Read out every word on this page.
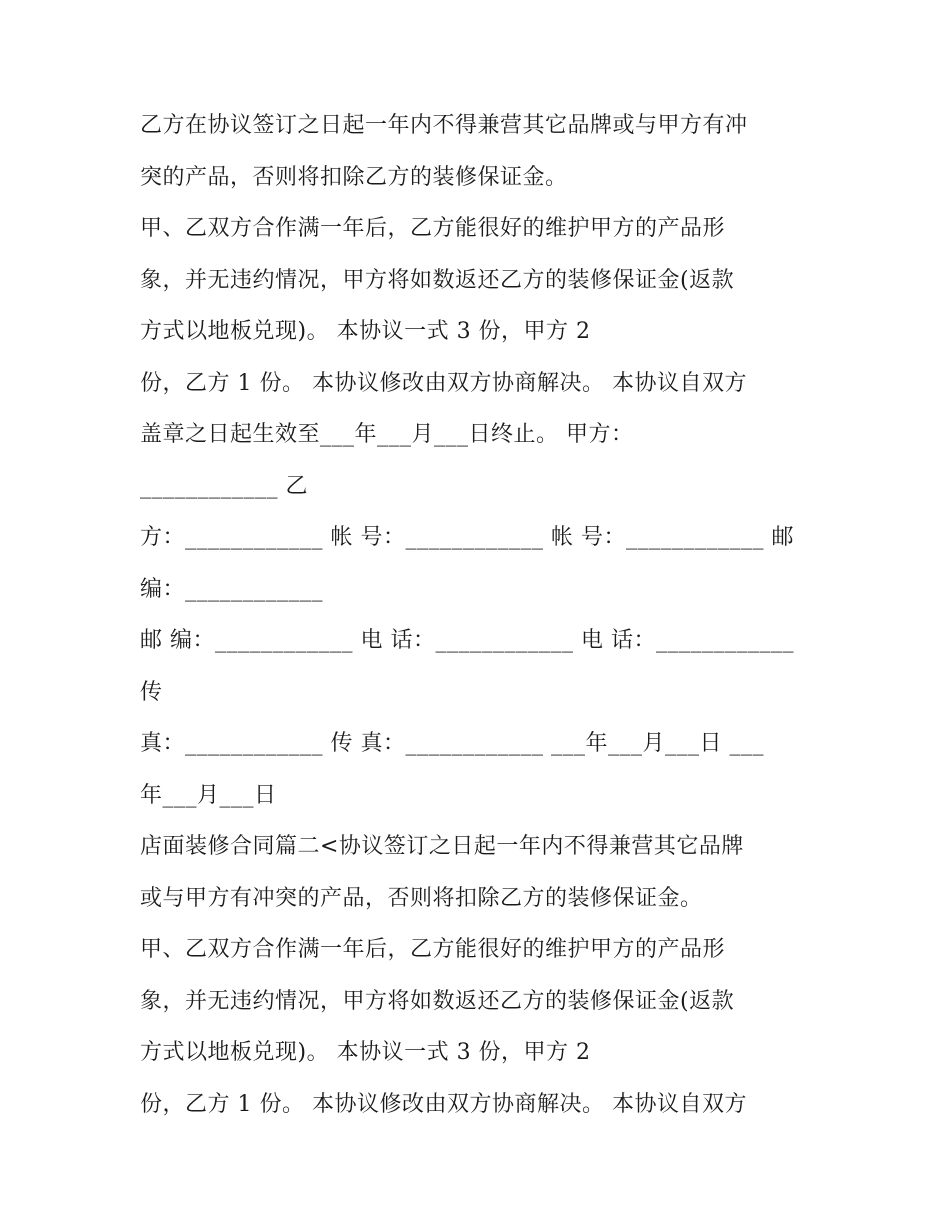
乙方在协议签订之日起一年内不得兼营其它品牌或与甲方有冲
突的产品，否则将扣除乙方的装修保证金。
甲、乙双方合作满一年后，乙方能很好的维护甲方的产品形
象，并无违约情况，甲方将如数返还乙方的装修保证金(返款
方式以地板兑现)。 本协议一式 3 份，甲方 2
份，乙方 1 份。 本协议修改由双方协商解决。 本协议自双方
盖章之日起生效至___年___月___日终止。 甲方：
____________ 乙
方：____________ 帐 号：____________ 帐 号：____________ 邮
编：____________
邮 编：____________ 电 话：____________ 电 话：____________
传
真：____________ 传 真：____________ ___年___月___日 ___
年___月___日
店面装修合同篇二<协议签订之日起一年内不得兼营其它品牌
或与甲方有冲突的产品，否则将扣除乙方的装修保证金。
甲、乙双方合作满一年后，乙方能很好的维护甲方的产品形
象，并无违约情况，甲方将如数返还乙方的装修保证金(返款
方式以地板兑现)。 本协议一式 3 份，甲方 2
份，乙方 1 份。 本协议修改由双方协商解决。 本协议自双方
